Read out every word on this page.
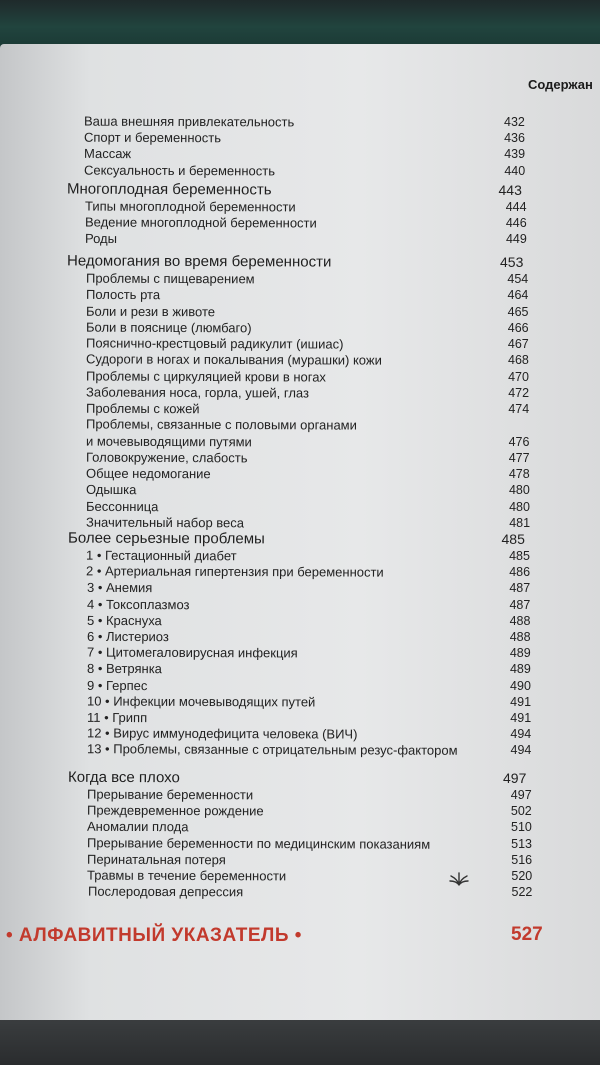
Содержан
Ваша внешняя привлекательность	432
Спорт и беременность	436
Массаж	439
Сексуальность и беременность	440
Многоплодная беременность	443
Типы многоплодной беременности	444
Ведение многоплодной беременности	446
Роды	449
Недомогания во время беременности	453
Проблемы с пищеварением	454
Полость рта	464
Боли и рези в животе	465
Боли в пояснице (люмбаго)	466
Пояснично-крестцовый радикулит (ишиас)	467
Судороги в ногах и покалывания (мурашки) кожи	468
Проблемы с циркуляцией крови в ногах	470
Заболевания носа, горла, ушей, глаз	472
Проблемы с кожей	474
Проблемы, связанные с половыми органами
и мочевыводящими путями	476
Головокружение, слабость	477
Общее недомогание	478
Одышка	480
Бессонница	480
Значительный набор веса	481
Более серьезные проблемы	485
1 • Гестационный диабет	485
2 • Артериальная гипертензия при беременности	486
3 • Анемия	487
4 • Токсоплазмоз	487
5 • Краснуха	488
6 • Листериоз	488
7 • Цитомегаловирусная инфекция	489
8 • Ветрянка	489
9 • Герпес	490
10 • Инфекции мочевыводящих путей	491
11 • Грипп	491
12 • Вирус иммунодефицита человека (ВИЧ)	494
13 • Проблемы, связанные с отрицательным резус-фактором	494
Когда все плохо	497
Прерывание беременности	497
Преждевременное рождение	502
Аномалии плода	510
Прерывание беременности по медицинским показаниям	513
Перинатальная потеря	516
Травмы в течение беременности	520
Послеродовая депрессия	522
• АЛФАВИТНЫЙ УКАЗАТЕЛЬ •	527
